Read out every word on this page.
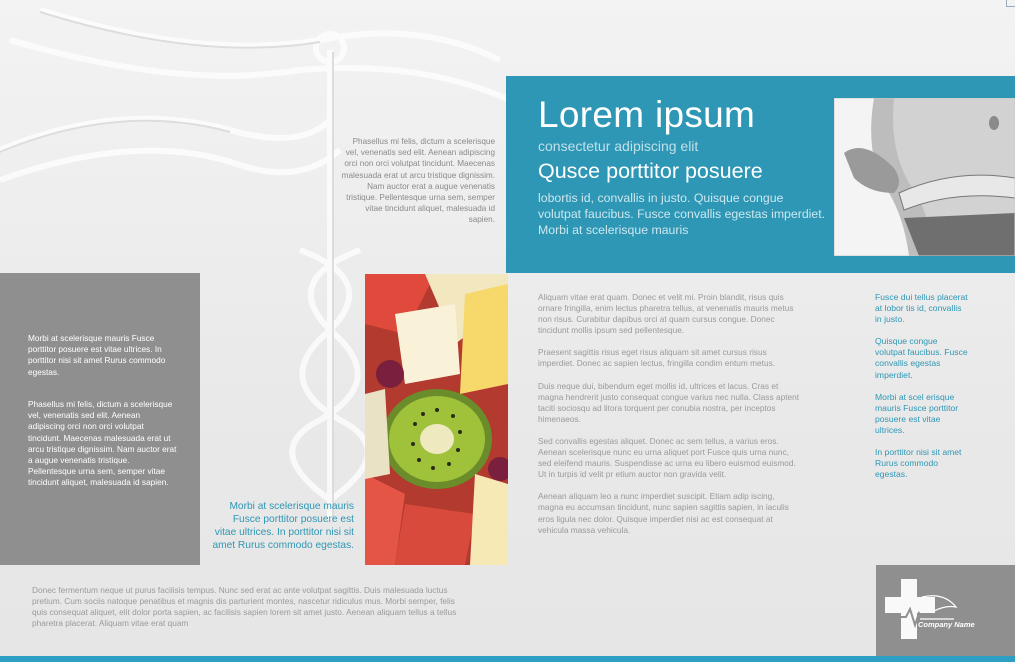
Phasellus mi felis, dictum a scelerisque vel, venenatis sed elit. Aenean adipiscing orci non orci volutpat tincidunt. Maecenas malesuada erat ut arcu tristique dignissim. Nam auctor erat a augue venenatis tristique. Pellentesque urna sem, semper vitae tincidunt aliquet, malesuada id sapien.
Lorem ipsum
consectetur adipiscing elit
Qusce porttitor posuere
lobortis id, convallis in justo. Quisque congue volutpat faucibus. Fusce convallis egestas imperdiet. Morbi at scelerisque mauris
Morbi at scelerisque mauris Fusce porttitor posuere est vitae ultrices. In porttitor nisi sit amet Rurus commodo egestas.
Phasellus mi felis, dictum a scelerisque vel, venenatis sed elit. Aenean adipiscing orci non orci volutpat tincidunt. Maecenas malesuada erat ut arcu tristique dignissim. Nam auctor erat a augue venenatis tristique. Pellentesque urna sem, semper vitae tincidunt aliquet, malesuada id sapien.
Morbi at scelerisque mauris Fusce porttitor posuere est vitae ultrices. In porttitor nisi sit amet Rurus commodo egestas.

Aliquam vitae erat quam. Donec et velit mi. Proin blandit, risus quis ornare fringilla, enim lectus pharetra tellus, at venenatis mauris metus non risus. Curabitur dapibus orci at quam cursus congue. Donec tincidunt mollis ipsum sed pellentesque.

Praesent sagittis risus eget risus aliquam sit amet cursus risus imperdiet. Donec ac sapien lectus, fringilla condim entum metus.

Duis neque dui, bibendum eget mollis id, ultrices et lacus. Cras et magna hendrerit justo consequat congue varius nec nulla. Class aptent taciti sociosqu ad litora torquent per conubia nostra, per inceptos himenaeos.

Sed convallis egestas aliquet. Donec ac sem tellus, a varius eros. Aenean scelerisque nunc eu urna aliquet port Fusce quis urna nunc, sed eleifend mauris. Suspendisse ac urna eu libero euismod euismod. Ut in turpis id velit pr etium auctor non gravida velit.

Aenean aliquam leo a nunc imperdiet suscipit. Etiam adip iscing, magna eu accumsan tincidunt, nunc sapien sagittis sapien, in iaculis eros ligula nec dolor. Quisque imperdiet nisi ac est consequat at vehicula massa vehicula.

Fusce dui tellus placerat at lobor tis id, convallis in justo.

Quisque congue volutpat faucibus. Fusce convallis egestas imperdiet.

Morbi at scel erisque mauris Fusce porttitor posuere est vitae ultrices.

In porttitor nisi sit amet Rurus commodo egestas.

Donec fermentum neque ut purus facilisis tempus. Nunc sed erat ac ante volutpat sagittis. Duis malesuada luctus pretium. Cum sociis natoque penatibus et magnis dis parturient montes, nascetur ridiculus mus. Morbi semper, felis quis consequat aliquet, elit dolor porta sapien, ac facilisis sapien lorem sit amet justo. Aenean aliquam tellus a tellus pharetra placerat. Aliquam vitae erat quam	Company Name
